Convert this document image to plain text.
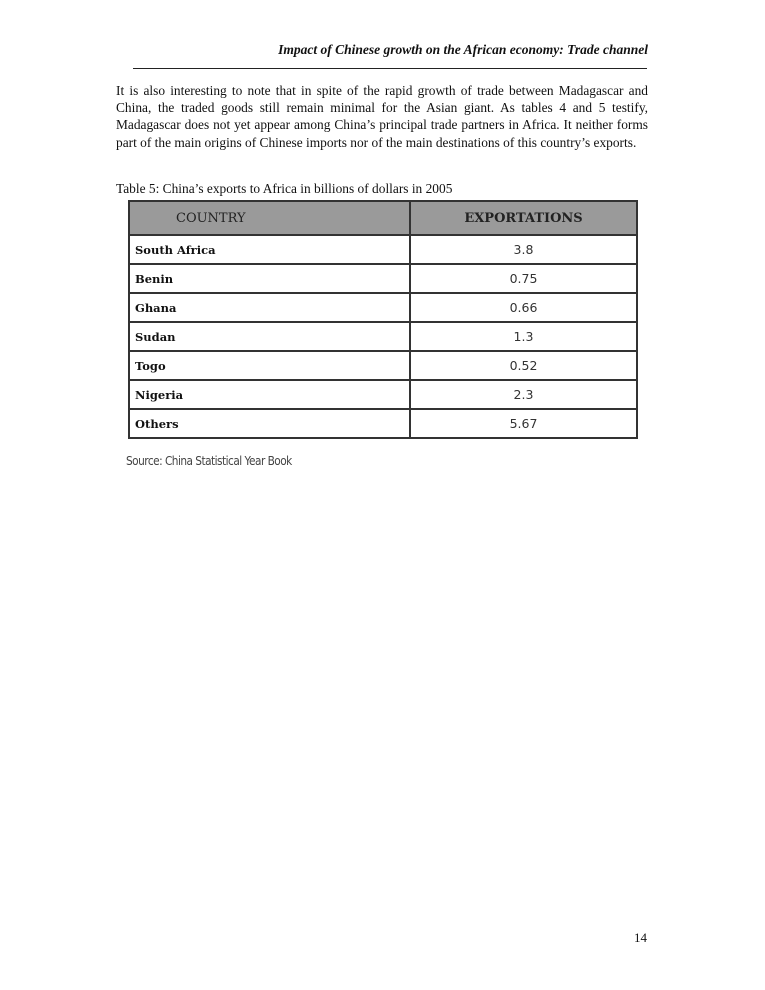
Impact of Chinese growth on the African economy: Trade channel
It is also interesting to note that in spite of the rapid growth of trade between Madagascar and China, the traded goods still remain minimal for the Asian giant. As tables 4 and 5 testify, Madagascar does not yet appear among China’s principal trade partners in Africa. It neither forms part of the main origins of Chinese imports nor of the main destinations of this country’s exports.
Table 5: China’s exports to Africa in billions of dollars in 2005
COUNTRY	EXPORTATIONS
South Africa	3.8
Benin	0.75
Ghana	0.66
Sudan	1.3
Togo	0.52
Nigeria	2.3
Others	5.67
Source: China Statistical Year Book
14
